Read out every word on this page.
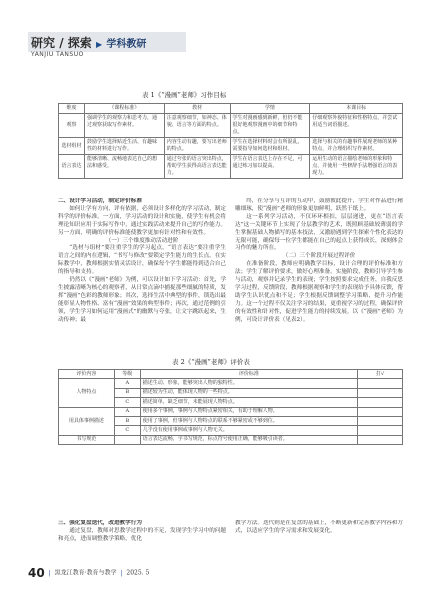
研究 / 探索 ▶ 学科教研
YANJIU TANSUO
表 1《“漫画”老师》习作目标
维度	《课程标准》	教材	学情	本课目标
观察	强调学生的观察力和思考力，通过观察获取写作素材。	注意观察细节，如神态、体貌、语言等方面的特点。	学生对漫画感到新鲜，但仍不能很好地观察漫画中的细节和特点。	仔细观察外貌特征和性格特点，并尝试用适当词语描述。
选材组材	鼓励学生选择贴近生活、有趣味性的材料进行写作。	内容生动有趣，要写出老师的特点。	学生在选择材料时会有所混乱，需要指导如何选材和组材。	选择与相关的有趣事件展现老师的某种特点，并合理组织写作素材。
语言表达	能够清晰、流畅地表达自己的想法和感受。	通过夸张的语言突出特点，帮助学生获得高语言表达能力。	学生在语言表达上存在不足，可通过练习加以提高。	运用生动的语言描绘老师的形象和特点，并使用一些修辞手法增强语言的表现力。

二、设计学习活动，制定评价标准

如何让学有方向，评有依据，必须设计多样化的学习活动，制定科学的评价标准。一方面，学习活动的设计和实施，使学生有机会将理论知识应用于实际写作中，通过实践活动来提升自己的写作能力。另一方面，明确的评价标准能使教学更加有针对性和有效性。

（一）三个维度推动活动进阶

“选材与组材”要注重学生的学习起点，“语言表达”要注重学生语言之间的内在逻辑，“书写与修改”要锁定学生能力的生长点。在实际教学中，教师根据实情灵活设计，确保每个学生都能得到适合自己的指导和支持。

仍然以《“漫画”老师》为例，可以设计如下学习活动：首先，学生披露清晰为核心的观察者，从日常点滴中捕捉那些细腻的特质，发挥“漫画”色彩的教师形象；其次，选择生活中典型的事件，锁选出最能彰显人物性格、富有“漫画”效果的典型事件；再次，通过范例的引领，学生学习如何运用“漫画式”的幽默与夸张，让文字跳跃起来，生动传神；最

终，在分享与互评的互动中，鼓励彼此提升，学生对作品进行精雕细琢，使“漫画”老师的形象更加鲜明，跃然于纸上。

这一系列学习活动，不仅环环相扣，层层递进，更在“语言表达”这一关键环节上实现了分层教学的艺术，既照顾基础较薄弱的学生掌握基础人物描写的基本技法，又激励遇到学生探索个性化表达的无限可能，确保每一位学生都能在自己的起点上获得成长，深刻体会习作的魅力所在。

（二）三个阶段开展过程评价

在准备阶段，教师应明确教学目标，设计合理的评价标准和方法；学生了解评价要求，做好心理准备。实施阶段，教师引导学生参与活动，观察并记录学生的表现；学生按照要求完成任务，自我反思学习过程，反馈阶段，教师根据观察和学生的表现给予具体反馈，帮助学生认识优点和不足；学生根据反馈调整学习策略，提升习作能力。这一个过程不仅关注学习的结果，更重视学习的过程，确保评价的有效性和针对性，促进学生能力的持续发展。以《“漫画”老师》为例，可设计评价表（见表2）。

表 2《“漫画”老师》评价表
评价内容	等级	评价标准	打√
人物特点	A	描述生动、形象，能够突出人物的独特性。	
	B	描述较为生动，能体现人物的一些特点。	
	C	描述简单，缺乏细节，未能展现人物特点。	
用具体事例描述	A	使用多个事例，事例与人物特点紧密相关，有助于理解人物。	
	B	使用了事例，但事例与人物特点的联系不够紧密或不够到位。	
	C	几乎没有使用事例或事例与人物无关。	
书写规范		语言表达流畅，字书写规范，标点符号使用正确，能够吸引读者。	

三、强化复盘迭代，改进教学行为

通过复盘，教师对思教学过程中的不足，发现学生学习中的问题和亮点，进而调整教学策略，优化

教学方法。迭代则是在复盘的基础上，不断更新和完善教学内容和方式，以适应学生的学习需求和发展变化。

40 | 黑龙江教育·教育与教学 | 2025. 5
